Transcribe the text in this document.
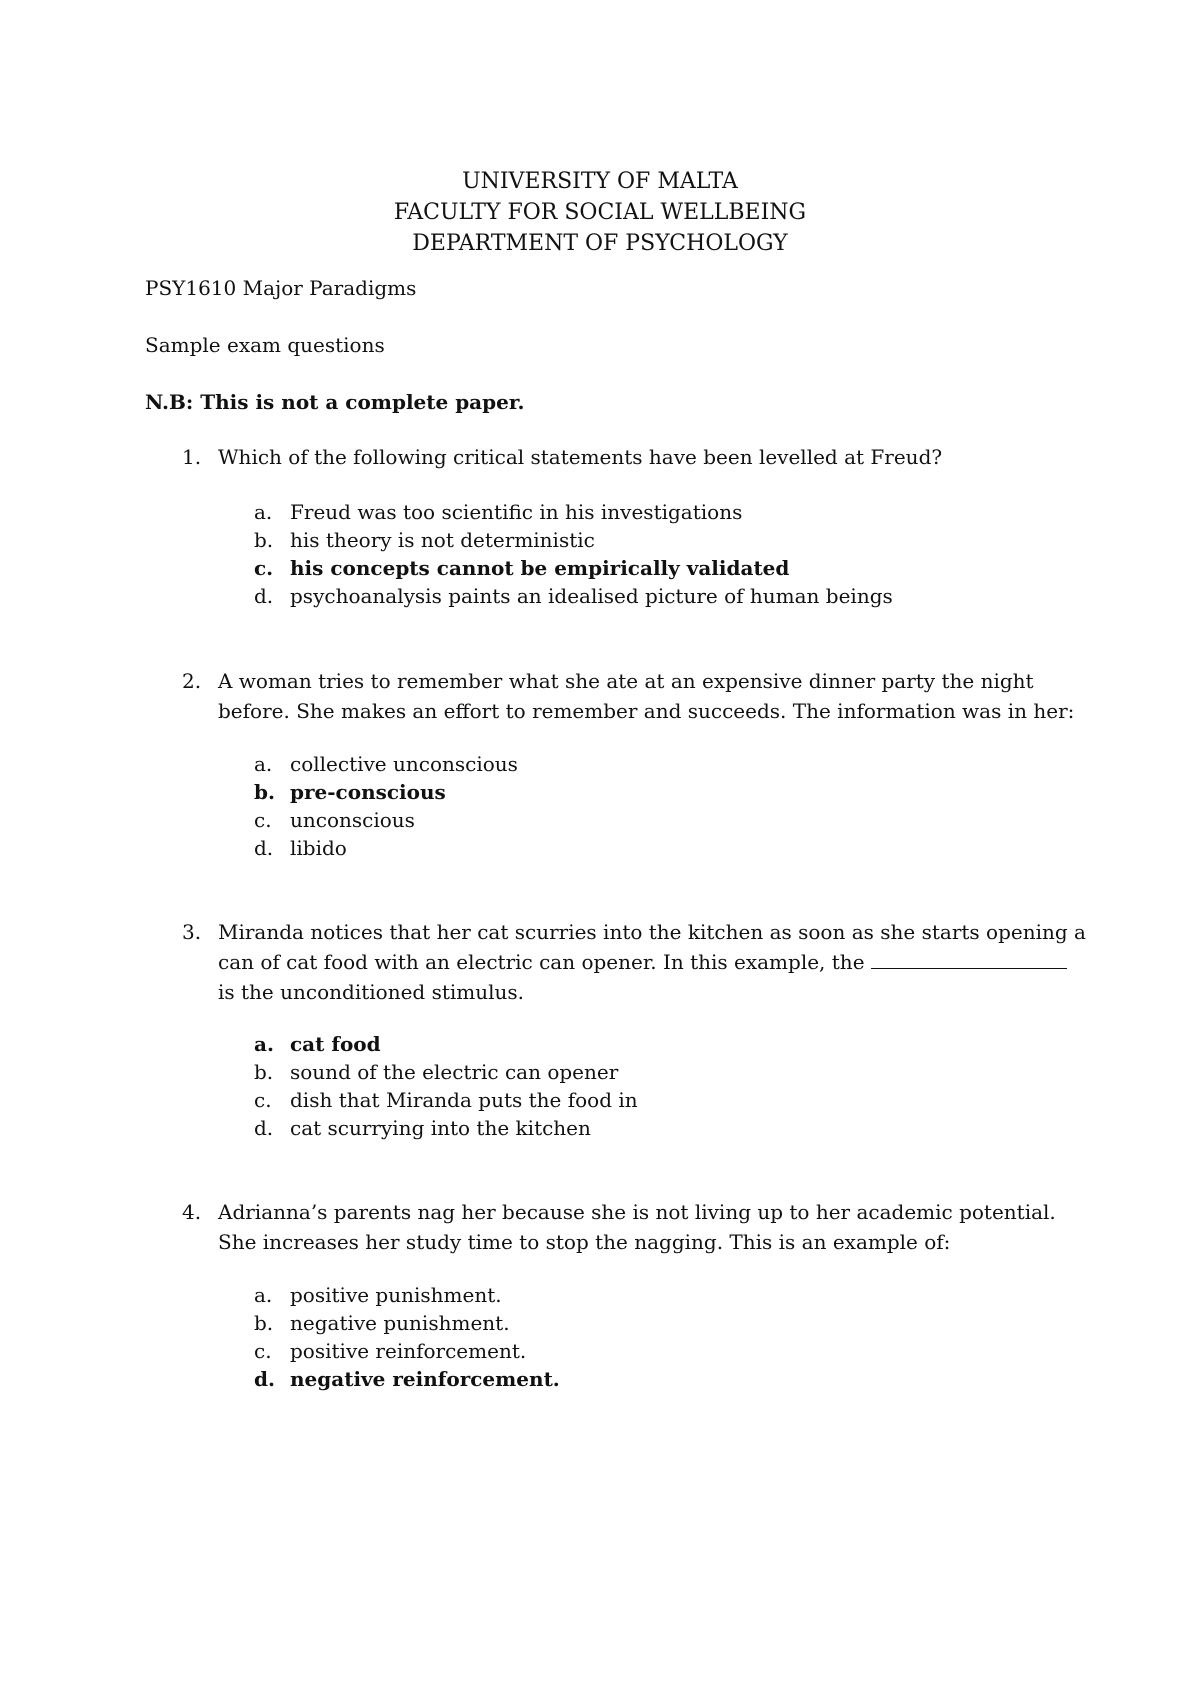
UNIVERSITY OF MALTA
FACULTY FOR SOCIAL WELLBEING
DEPARTMENT OF PSYCHOLOGY
PSY1610 Major Paradigms
Sample exam questions
N.B: This is not a complete paper.
1. Which of the following critical statements have been levelled at Freud?
a. Freud was too scientific in his investigations
b. his theory is not deterministic
c. his concepts cannot be empirically validated
d. psychoanalysis paints an idealised picture of human beings
2. A woman tries to remember what she ate at an expensive dinner party the night
before. She makes an effort to remember and succeeds. The information was in her:
a. collective unconscious
b. pre-conscious
c. unconscious
d. libido
3. Miranda notices that her cat scurries into the kitchen as soon as she starts opening a
can of cat food with an electric can opener. In this example, the
is the unconditioned stimulus.
a. cat food
b. sound of the electric can opener
c. dish that Miranda puts the food in
d. cat scurrying into the kitchen
4. Adrianna’s parents nag her because she is not living up to her academic potential.
She increases her study time to stop the nagging. This is an example of:
a. positive punishment.
b. negative punishment.
c. positive reinforcement.
d. negative reinforcement.
